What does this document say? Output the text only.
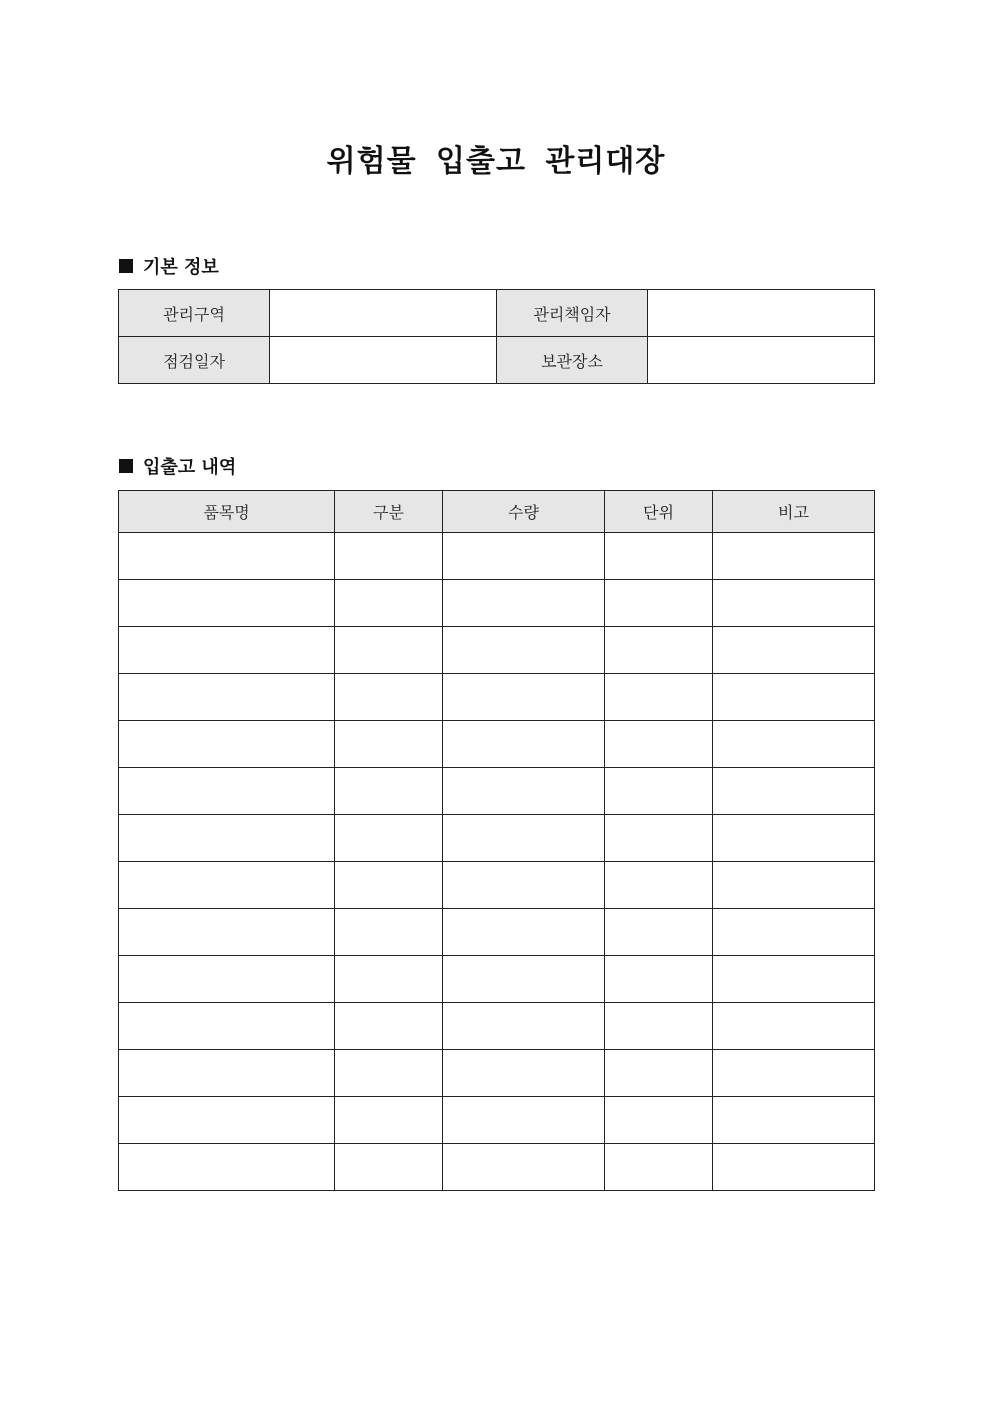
위험물 입출고 관리대장
기본 정보
관리구역		관리책임자	
점검일자		보관장소	
입출고 내역
품목명	구분	수량	단위	비고
